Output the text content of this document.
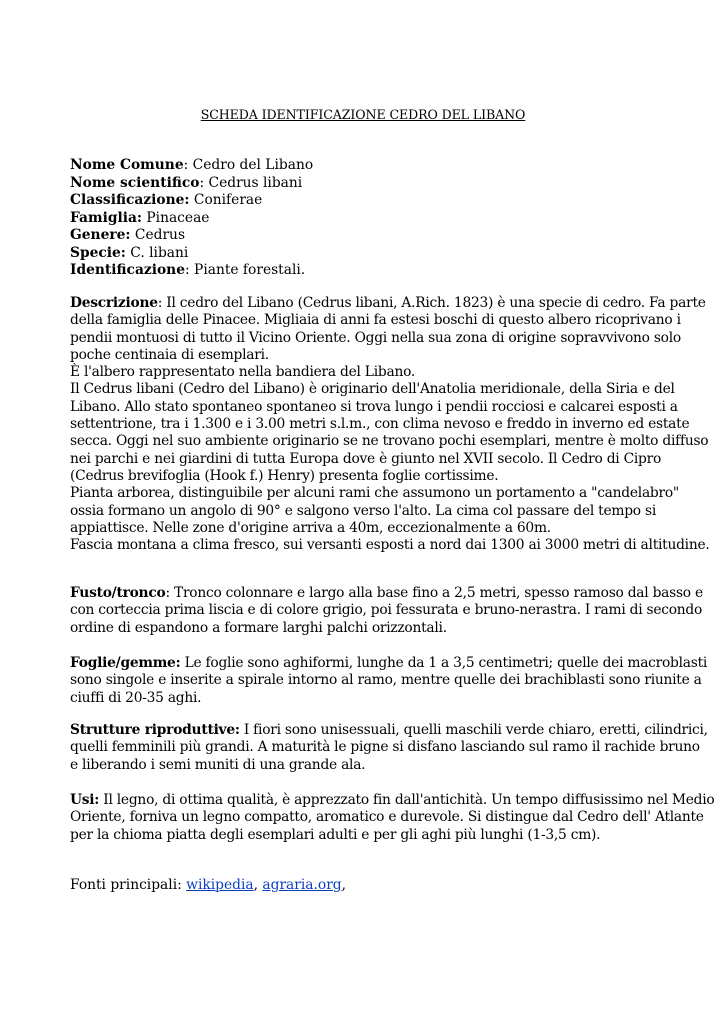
SCHEDA IDENTIFICAZIONE CEDRO DEL LIBANO
Nome Comune: Cedro del Libano
Nome scientifico: Cedrus libani
Classificazione: Coniferae
Famiglia: Pinaceae
Genere: Cedrus
Specie: C. libani
Identificazione: Piante forestali.
Descrizione: Il cedro del Libano (Cedrus libani, A.Rich. 1823) è una specie di cedro. Fa parte
della famiglia delle Pinacee. Migliaia di anni fa estesi boschi di questo albero ricoprivano i
pendii montuosi di tutto il Vicino Oriente. Oggi nella sua zona di origine sopravvivono solo
poche centinaia di esemplari.
È l'albero rappresentato nella bandiera del Libano.
Il Cedrus libani (Cedro del Libano) è originario dell'Anatolia meridionale, della Siria e del
Libano. Allo stato spontaneo spontaneo si trova lungo i pendii rocciosi e calcarei esposti a
settentrione, tra i 1.300 e i 3.00 metri s.l.m., con clima nevoso e freddo in inverno ed estate
secca. Oggi nel suo ambiente originario se ne trovano pochi esemplari, mentre è molto diffuso
nei parchi e nei giardini di tutta Europa dove è giunto nel XVII secolo. Il Cedro di Cipro
(Cedrus brevifoglia (Hook f.) Henry) presenta foglie cortissime.
Pianta arborea, distinguibile per alcuni rami che assumono un portamento a "candelabro"
ossia formano un angolo di 90° e salgono verso l'alto. La cima col passare del tempo si
appiattisce. Nelle zone d'origine arriva a 40m, eccezionalmente a 60m.
Fascia montana a clima fresco, sui versanti esposti a nord dai 1300 ai 3000 metri di altitudine.
Fusto/tronco: Tronco colonnare e largo alla base fino a 2,5 metri, spesso ramoso dal basso e
con corteccia prima liscia e di colore grigio, poi fessurata e bruno-nerastra. I rami di secondo
ordine di espandono a formare larghi palchi orizzontali.
Foglie/gemme: Le foglie sono aghiformi, lunghe da 1 a 3,5 centimetri; quelle dei macroblasti
sono singole e inserite a spirale intorno al ramo, mentre quelle dei brachiblasti sono riunite a
ciuffi di 20-35 aghi.
Strutture riproduttive: I fiori sono unisessuali, quelli maschili verde chiaro, eretti, cilindrici,
quelli femminili più grandi. A maturità le pigne si disfano lasciando sul ramo il rachide bruno
e liberando i semi muniti di una grande ala.
Usi: Il legno, di ottima qualità, è apprezzato fin dall'antichità. Un tempo diffusissimo nel Medio
Oriente, forniva un legno compatto, aromatico e durevole. Si distingue dal Cedro dell' Atlante
per la chioma piatta degli esemplari adulti e per gli aghi più lunghi (1-3,5 cm).
Fonti principali: wikipedia, agraria.org,
